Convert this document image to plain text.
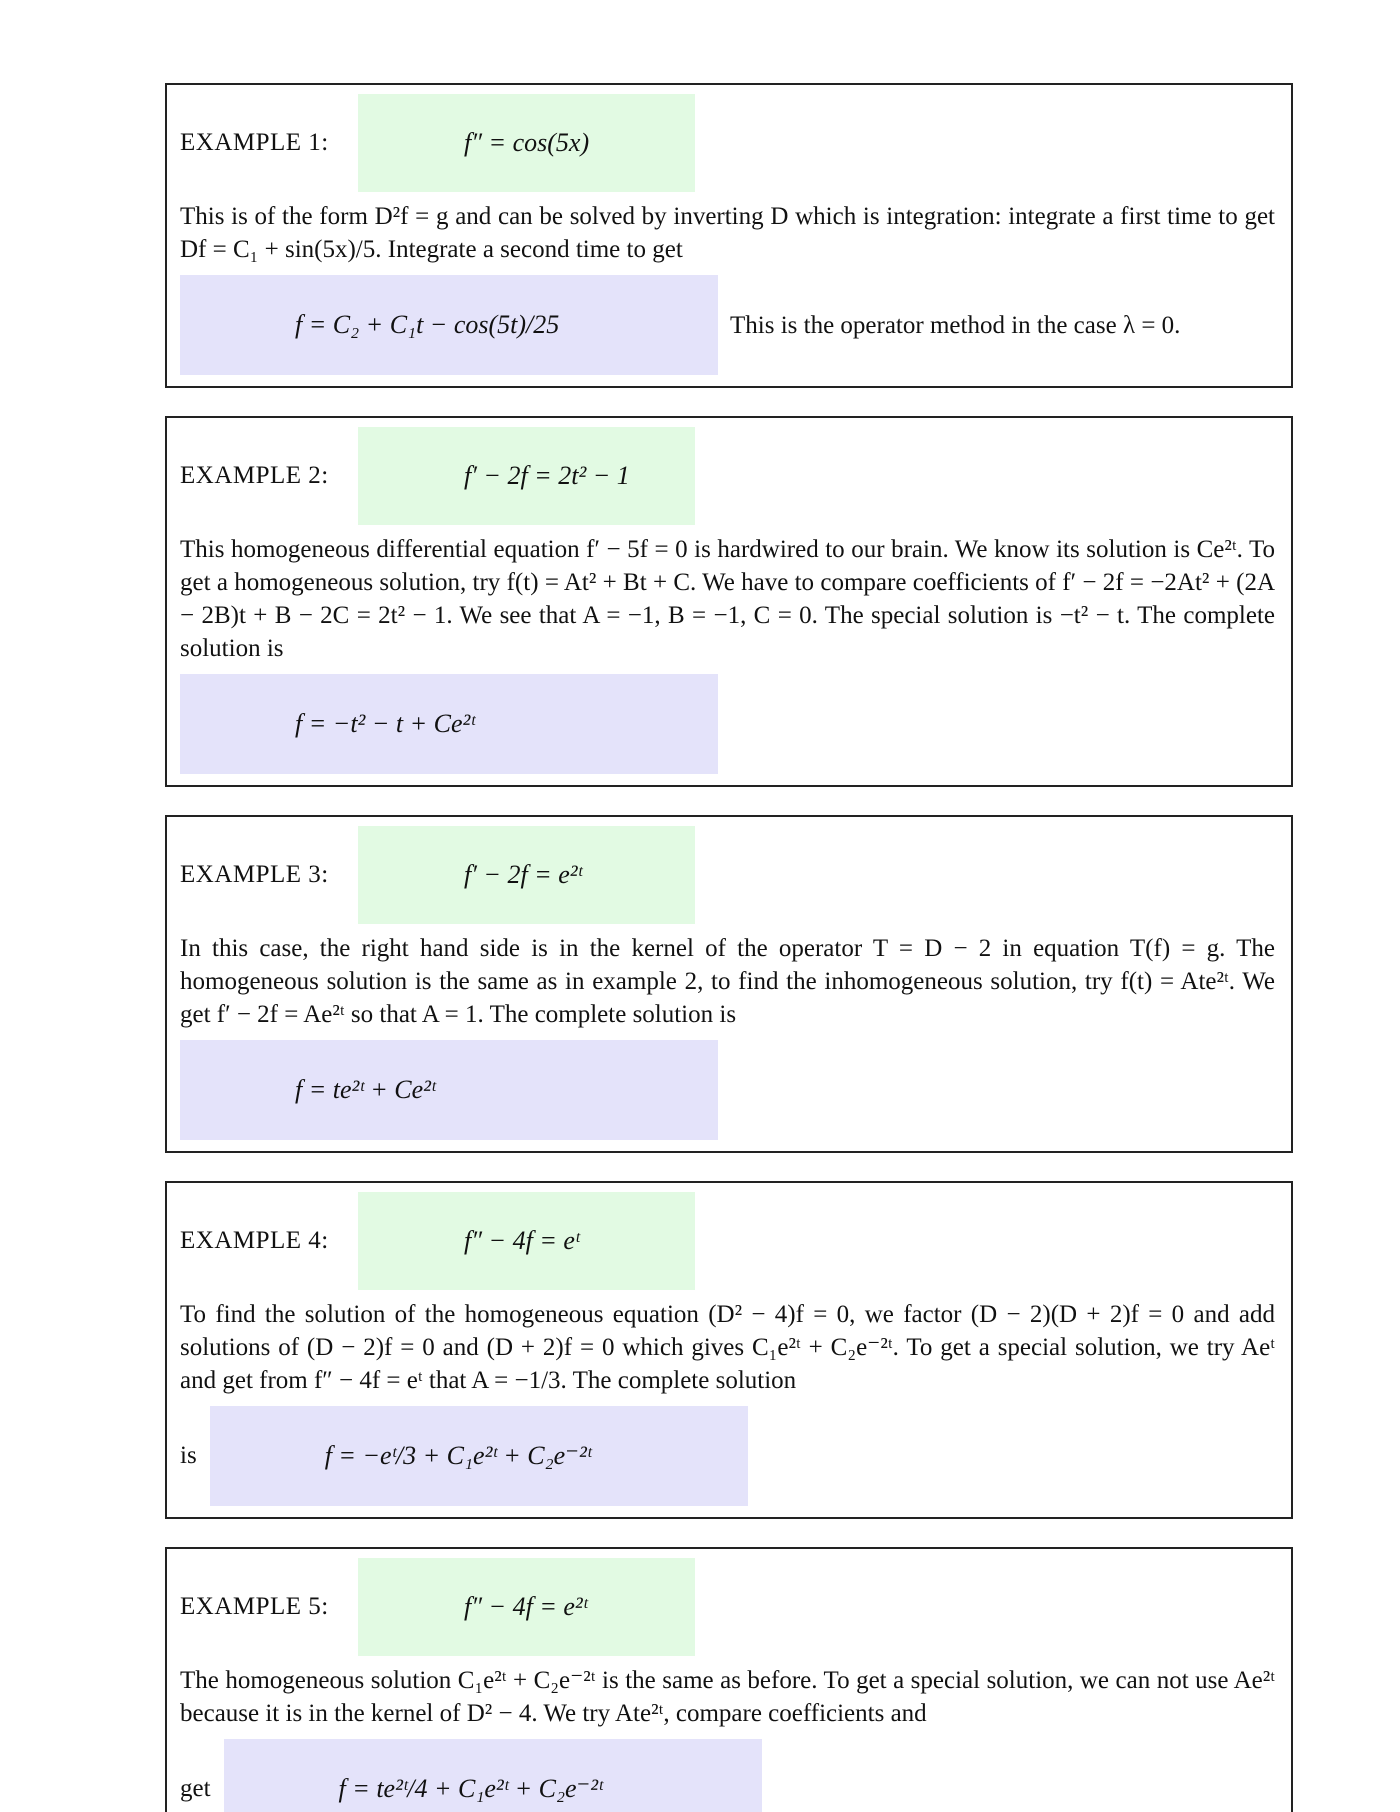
EXAMPLE 1:	f″ = cos(5x)

This is of the form D²f = g and can be solved by inverting D which is integration: integrate a first time to get Df = C₁ + sin(5x)/5. Integrate a second time to get

f = C₂ + C₁t − cos(5t)/25	This is the operator method in the case λ = 0.
EXAMPLE 2:	f′ − 2f = 2t² − 1

This homogeneous differential equation f′ − 5f = 0 is hardwired to our brain. We know its solution is Ce²ᵗ. To get a homogeneous solution, try f(t) = At² + Bt + C. We have to compare coefficients of f′ − 2f = −2At² + (2A − 2B)t + B − 2C = 2t² − 1. We see that A = −1, B = −1, C = 0. The special solution is −t² − t. The complete solution is

f = −t² − t + Ce²ᵗ
EXAMPLE 3:	f′ − 2f = e²ᵗ

In this case, the right hand side is in the kernel of the operator T = D − 2 in equation T(f) = g. The homogeneous solution is the same as in example 2, to find the inhomogeneous solution, try f(t) = Ate²ᵗ. We get f′ − 2f = Ae²ᵗ so that A = 1. The complete solution is

f = te²ᵗ + Ce²ᵗ
EXAMPLE 4:	f″ − 4f = eᵗ

To find the solution of the homogeneous equation (D² − 4)f = 0, we factor (D − 2)(D + 2)f = 0 and add solutions of (D − 2)f = 0 and (D + 2)f = 0 which gives C₁e²ᵗ + C₂e⁻²ᵗ. To get a special solution, we try Aeᵗ and get from f″ − 4f = eᵗ that A = −1/3. The complete solution

is	f = −eᵗ/3 + C₁e²ᵗ + C₂e⁻²ᵗ
EXAMPLE 5:	f″ − 4f = e²ᵗ

The homogeneous solution C₁e²ᵗ + C₂e⁻²ᵗ is the same as before. To get a special solution, we can not use Ae²ᵗ because it is in the kernel of D² − 4. We try Ate²ᵗ, compare coefficients and

get	f = te²ᵗ/4 + C₁e²ᵗ + C₂e⁻²ᵗ
